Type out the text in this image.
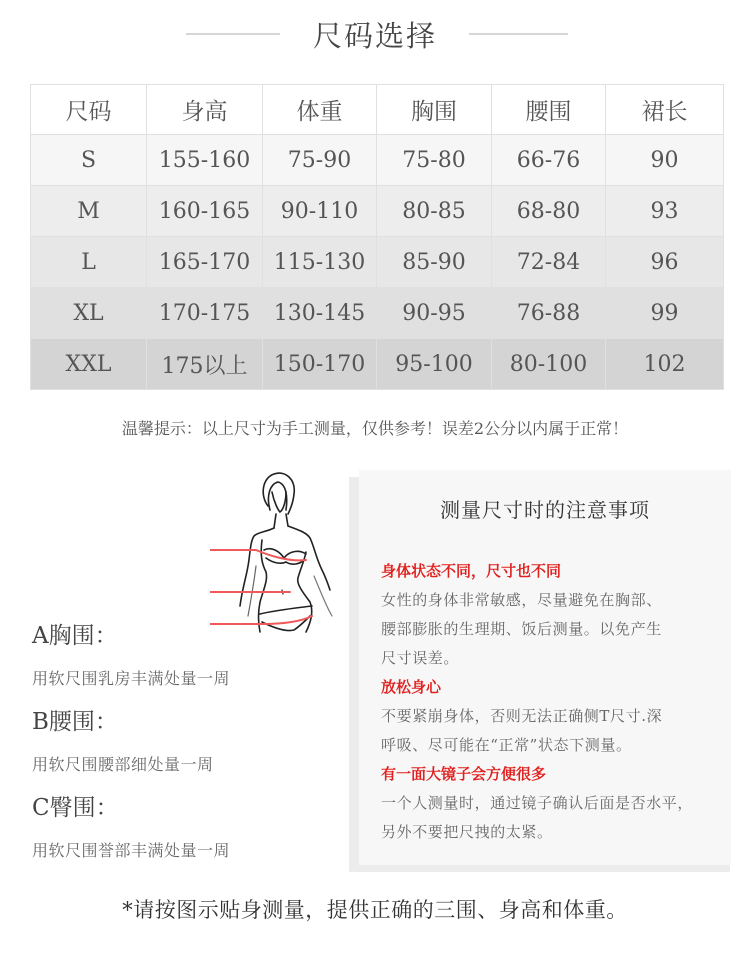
尺码选择
尺码	身高	体重	胸围	腰围	裙长
S	155-160	75-90	75-80	66-76	90
M	160-165	90-110	80-85	68-80	93
L	165-170	115-130	85-90	72-84	96
XL	170-175	130-145	90-95	76-88	99
XXL	175以上	150-170	95-100	80-100	102
温馨提示：以上尺寸为手工测量，仅供参考！误差2公分以内属于正常！
A胸围：
用软尺围乳房丰满处量一周
B腰围：
用软尺围腰部细处量一周
C臀围：
用软尺围誉部丰满处量一周
测量尺寸时的注意事项
身体状态不同，尺寸也不同
女性的身体非常敏感，尽量避免在胸部、
腰部膨胀的生理期、饭后测量。以免产生
尺寸误差。
放松身心
不要紧崩身体，否则无法正确侧T尺寸.深
呼吸、尽可能在“正常”状态下测量。
有一面大镜子会方便很多
一个人测量时，通过镜子确认后面是否水平，
另外不要把尺拽的太紧。
*请按图示贴身测量，提供正确的三围、身高和体重。
